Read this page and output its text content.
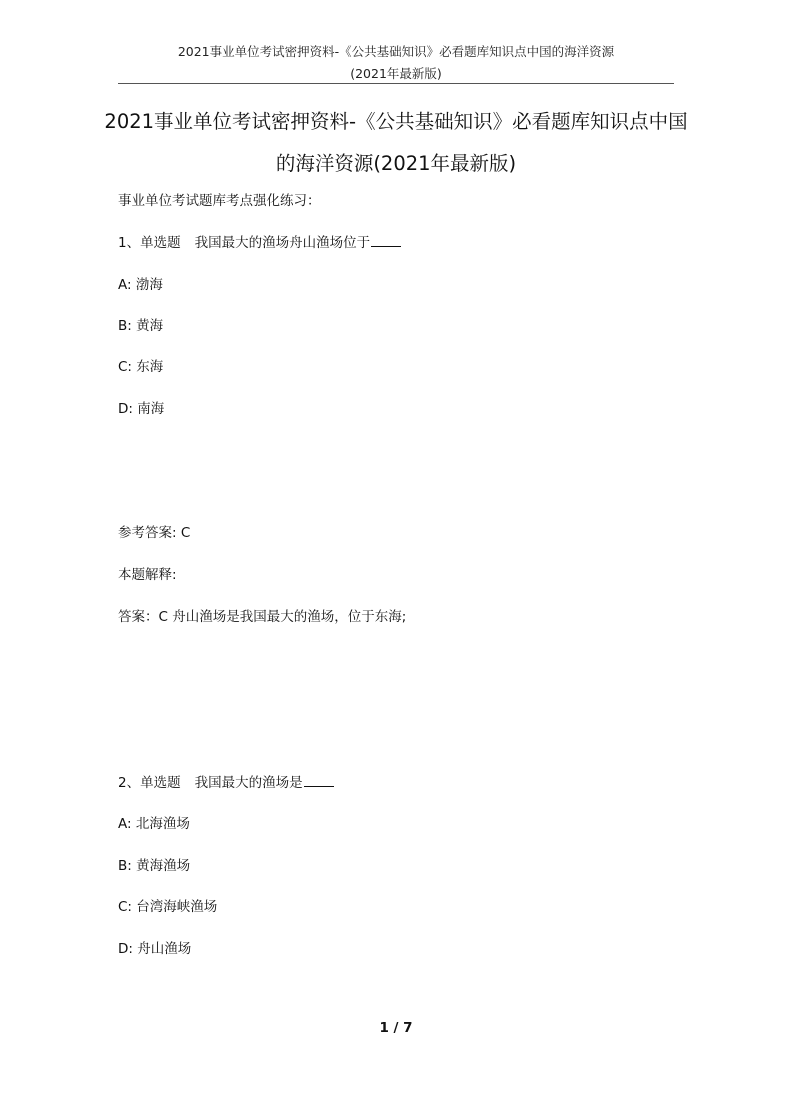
2021事业单位考试密押资料-《公共基础知识》必看题库知识点中国的海洋资源
(2021年最新版)
2021事业单位考试密押资料-《公共基础知识》必看题库知识点中国
的海洋资源(2021年最新版)
事业单位考试题库考点强化练习：
1、单选题 我国最大的渔场舟山渔场位于
A: 渤海
B: 黄海
C: 东海
D: 南海
参考答案: C
本题解释:
答案：C 舟山渔场是我国最大的渔场，位于东海;
2、单选题 我国最大的渔场是
A: 北海渔场
B: 黄海渔场
C: 台湾海峡渔场
D: 舟山渔场
1 / 7
